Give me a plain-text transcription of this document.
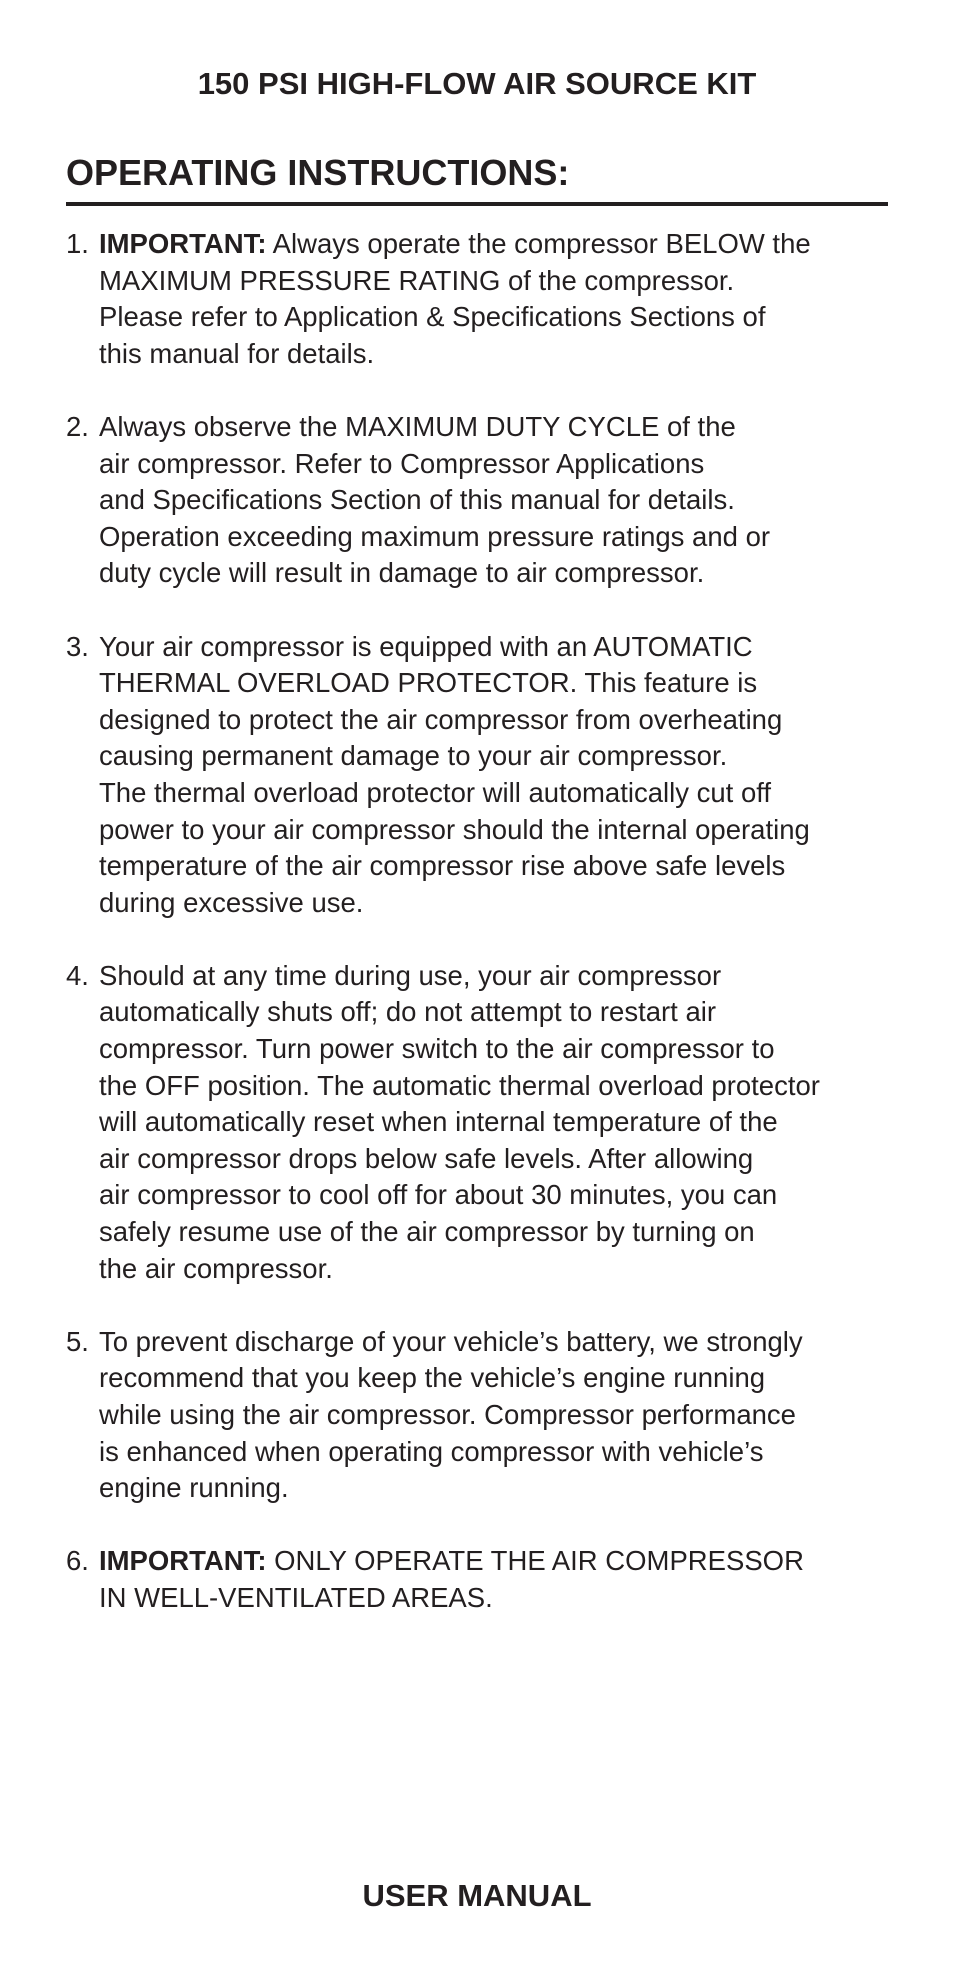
150 PSI HIGH-FLOW AIR SOURCE KIT
OPERATING INSTRUCTIONS:
1. IMPORTANT: Always operate the compressor BELOW the
MAXIMUM PRESSURE RATING of the compressor.
Please refer to Application & Specifications Sections of
this manual for details.
2. Always observe the MAXIMUM DUTY CYCLE of the
air compressor. Refer to Compressor Applications
and Specifications Section of this manual for details.
Operation exceeding maximum pressure ratings and or
duty cycle will result in damage to air compressor.
3. Your air compressor is equipped with an AUTOMATIC
THERMAL OVERLOAD PROTECTOR. This feature is
designed to protect the air compressor from overheating
causing permanent damage to your air compressor.
The thermal overload protector will automatically cut off
power to your air compressor should the internal operating
temperature of the air compressor rise above safe levels
during excessive use.
4. Should at any time during use, your air compressor
automatically shuts off; do not attempt to restart air
compressor. Turn power switch to the air compressor to
the OFF position. The automatic thermal overload protector
will automatically reset when internal temperature of the
air compressor drops below safe levels. After allowing
air compressor to cool off for about 30 minutes, you can
safely resume use of the air compressor by turning on
the air compressor.
5. To prevent discharge of your vehicle’s battery, we strongly
recommend that you keep the vehicle’s engine running
while using the air compressor. Compressor performance
is enhanced when operating compressor with vehicle’s
engine running.
6. IMPORTANT: ONLY OPERATE THE AIR COMPRESSOR
IN WELL-VENTILATED AREAS.
USER MANUAL
